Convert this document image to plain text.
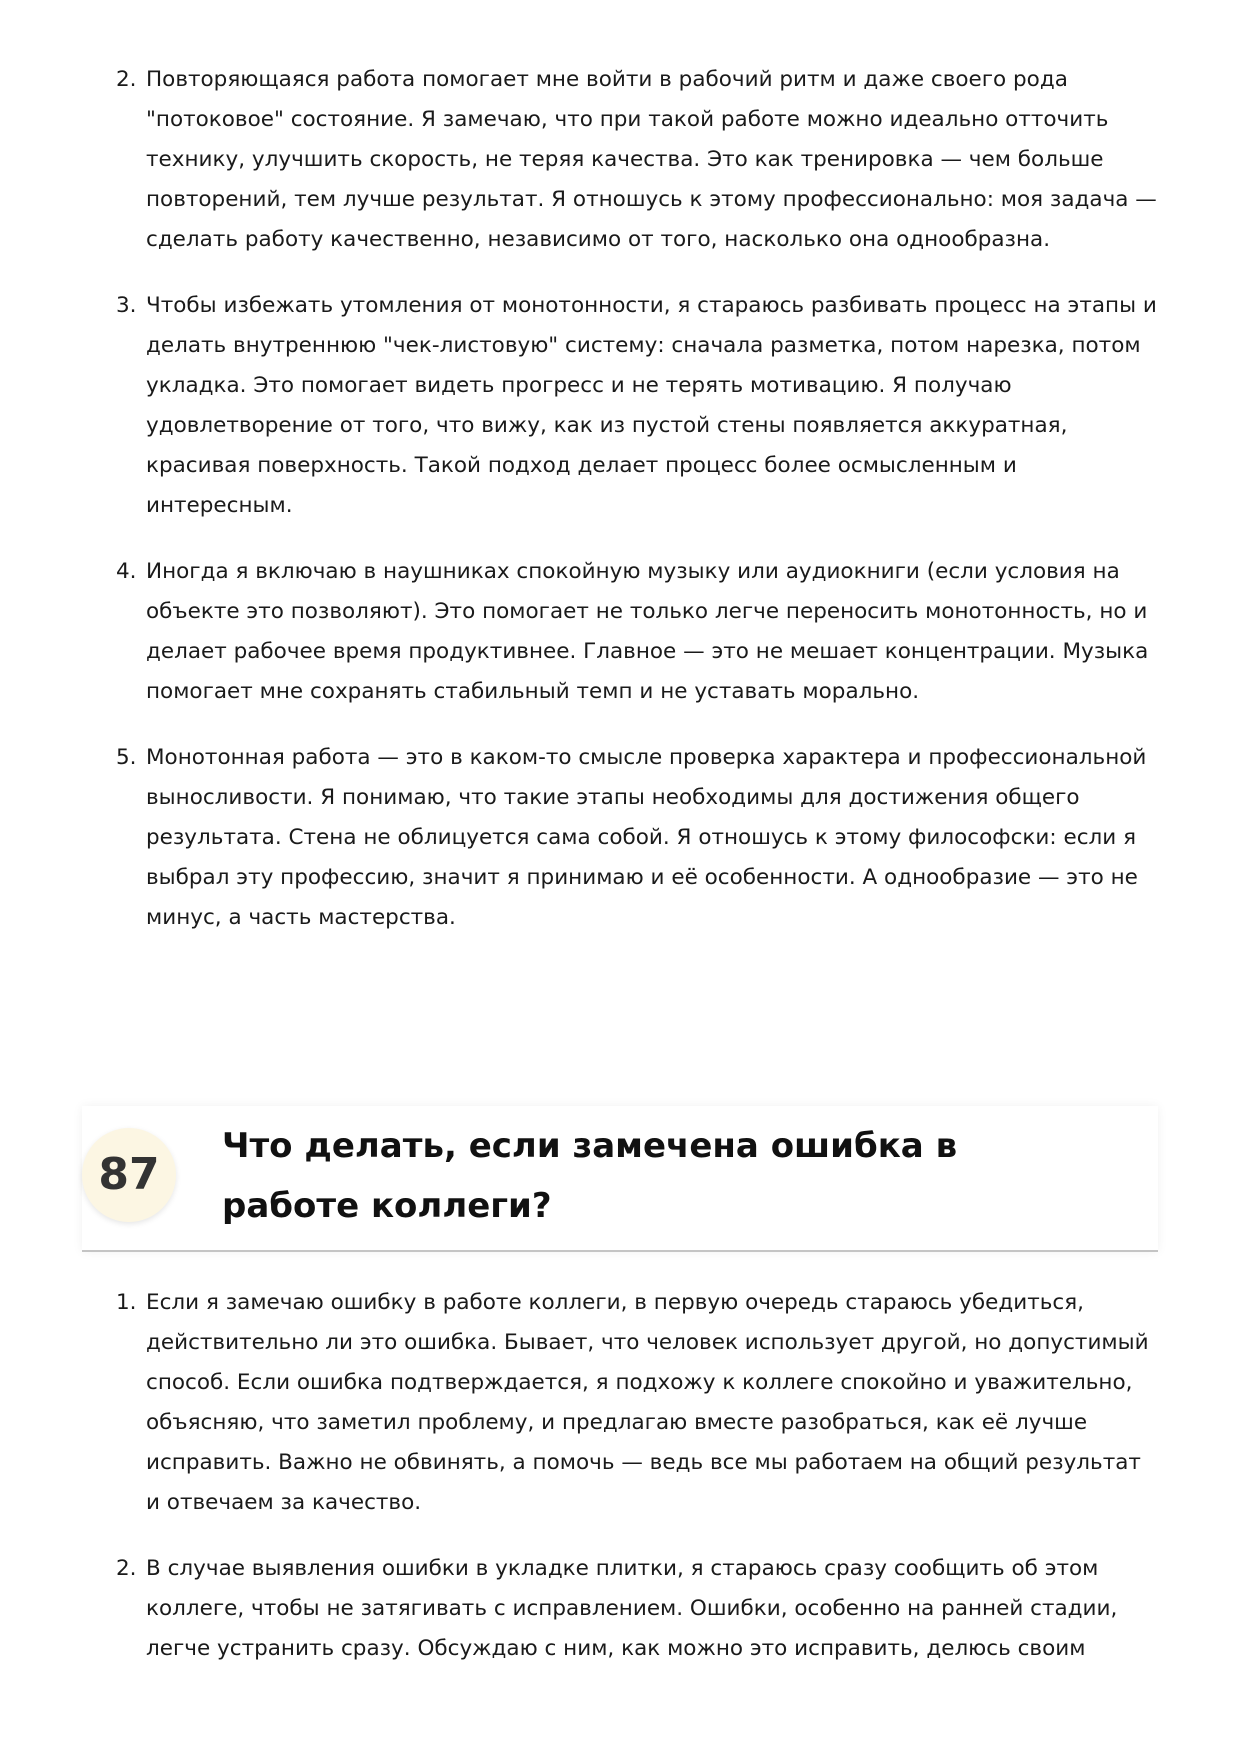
2. Повторяющаяся работа помогает мне войти в рабочий ритм и даже своего рода "потоковое" состояние. Я замечаю, что при такой работе можно идеально отточить технику, улучшить скорость, не теряя качества. Это как тренировка — чем больше повторений, тем лучше результат. Я отношусь к этому профессионально: моя задача — сделать работу качественно, независимо от того, насколько она однообразна.
3. Чтобы избежать утомления от монотонности, я стараюсь разбивать процесс на этапы и делать внутреннюю "чек-листовую" систему: сначала разметка, потом нарезка, потом укладка. Это помогает видеть прогресс и не терять мотивацию. Я получаю удовлетворение от того, что вижу, как из пустой стены появляется аккуратная, красивая поверхность. Такой подход делает процесс более осмысленным и интересным.
4. Иногда я включаю в наушниках спокойную музыку или аудиокниги (если условия на объекте это позволяют). Это помогает не только легче переносить монотонность, но и делает рабочее время продуктивнее. Главное — это не мешает концентрации. Музыка помогает мне сохранять стабильный темп и не уставать морально.
5. Монотонная работа — это в каком-то смысле проверка характера и профессиональной выносливости. Я понимаю, что такие этапы необходимы для достижения общего результата. Стена не облицуется сама собой. Я отношусь к этому философски: если я выбрал эту профессию, значит я принимаю и её особенности. А однообразие — это не минус, а часть мастерства.
87
Что делать, если замечена ошибка в работе коллеги?
1. Если я замечаю ошибку в работе коллеги, в первую очередь стараюсь убедиться, действительно ли это ошибка. Бывает, что человек использует другой, но допустимый способ. Если ошибка подтверждается, я подхожу к коллеге спокойно и уважительно, объясняю, что заметил проблему, и предлагаю вместе разобраться, как её лучше исправить. Важно не обвинять, а помочь — ведь все мы работаем на общий результат и отвечаем за качество.
2. В случае выявления ошибки в укладке плитки, я стараюсь сразу сообщить об этом коллеге, чтобы не затягивать с исправлением. Ошибки, особенно на ранней стадии, легче устранить сразу. Обсуждаю с ним, как можно это исправить, делюсь своим
